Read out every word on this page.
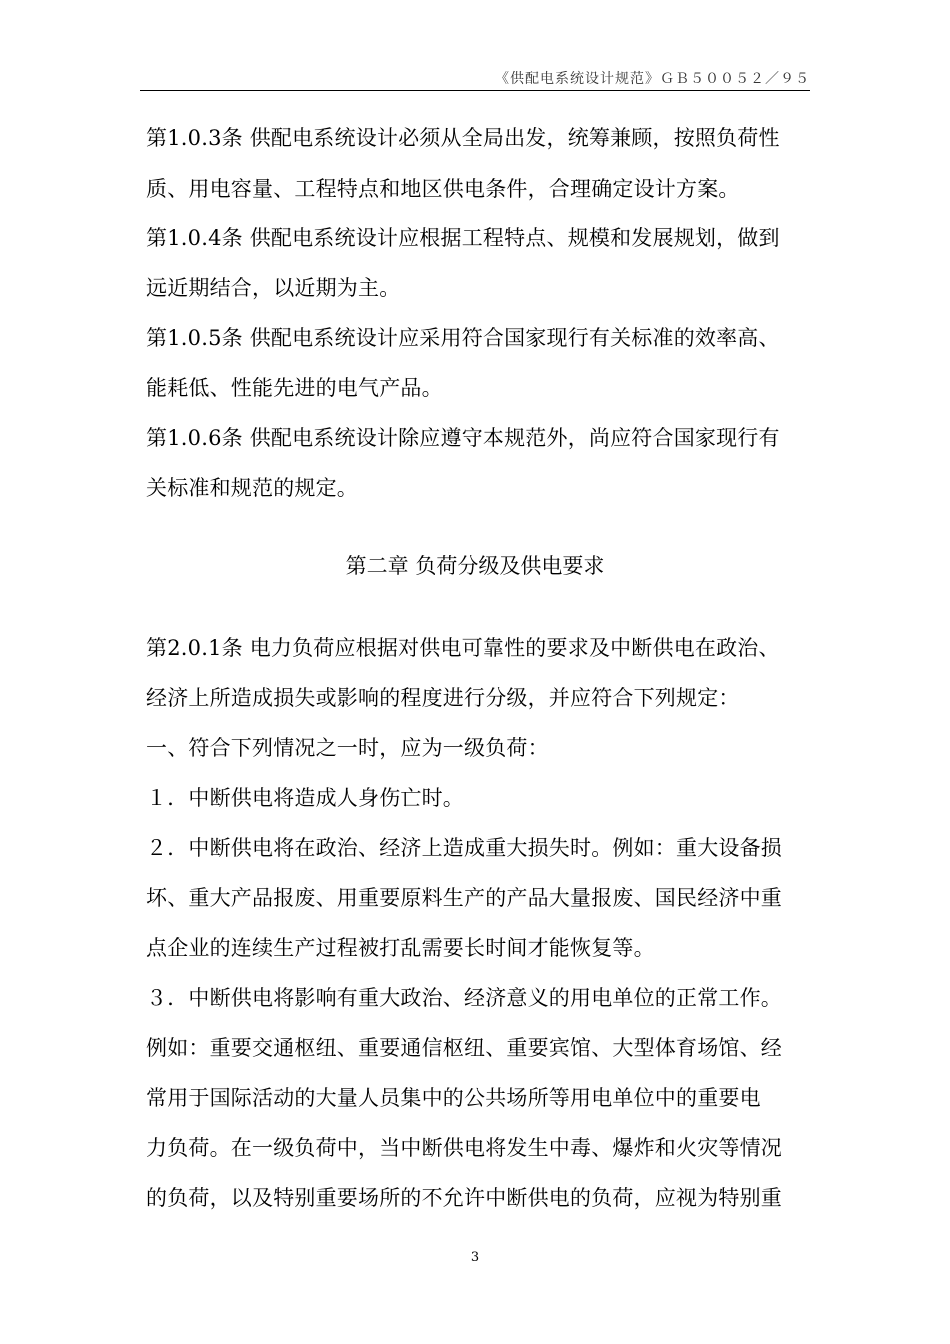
《供配电系统设计规范》ＧＢ５００５２／９５
第1.0.3条 供配电系统设计必须从全局出发，统筹兼顾，按照负荷性
质、用电容量、工程特点和地区供电条件，合理确定设计方案。
第1.0.4条 供配电系统设计应根据工程特点、规模和发展规划，做到
远近期结合，以近期为主。
第1.0.5条 供配电系统设计应采用符合国家现行有关标准的效率高、
能耗低、性能先进的电气产品。
第1.0.6条 供配电系统设计除应遵守本规范外，尚应符合国家现行有
关标准和规范的规定。
第二章 负荷分级及供电要求
第2.0.1条 电力负荷应根据对供电可靠性的要求及中断供电在政治、
经济上所造成损失或影响的程度进行分级，并应符合下列规定：
一、符合下列情况之一时，应为一级负荷：
１．中断供电将造成人身伤亡时。
２．中断供电将在政治、经济上造成重大损失时。例如：重大设备损
坏、重大产品报废、用重要原料生产的产品大量报废、国民经济中重
点企业的连续生产过程被打乱需要长时间才能恢复等。
３．中断供电将影响有重大政治、经济意义的用电单位的正常工作。
例如：重要交通枢纽、重要通信枢纽、重要宾馆、大型体育场馆、经
常用于国际活动的大量人员集中的公共场所等用电单位中的重要电
力负荷。在一级负荷中，当中断供电将发生中毒、爆炸和火灾等情况
的负荷，以及特别重要场所的不允许中断供电的负荷，应视为特别重
3
